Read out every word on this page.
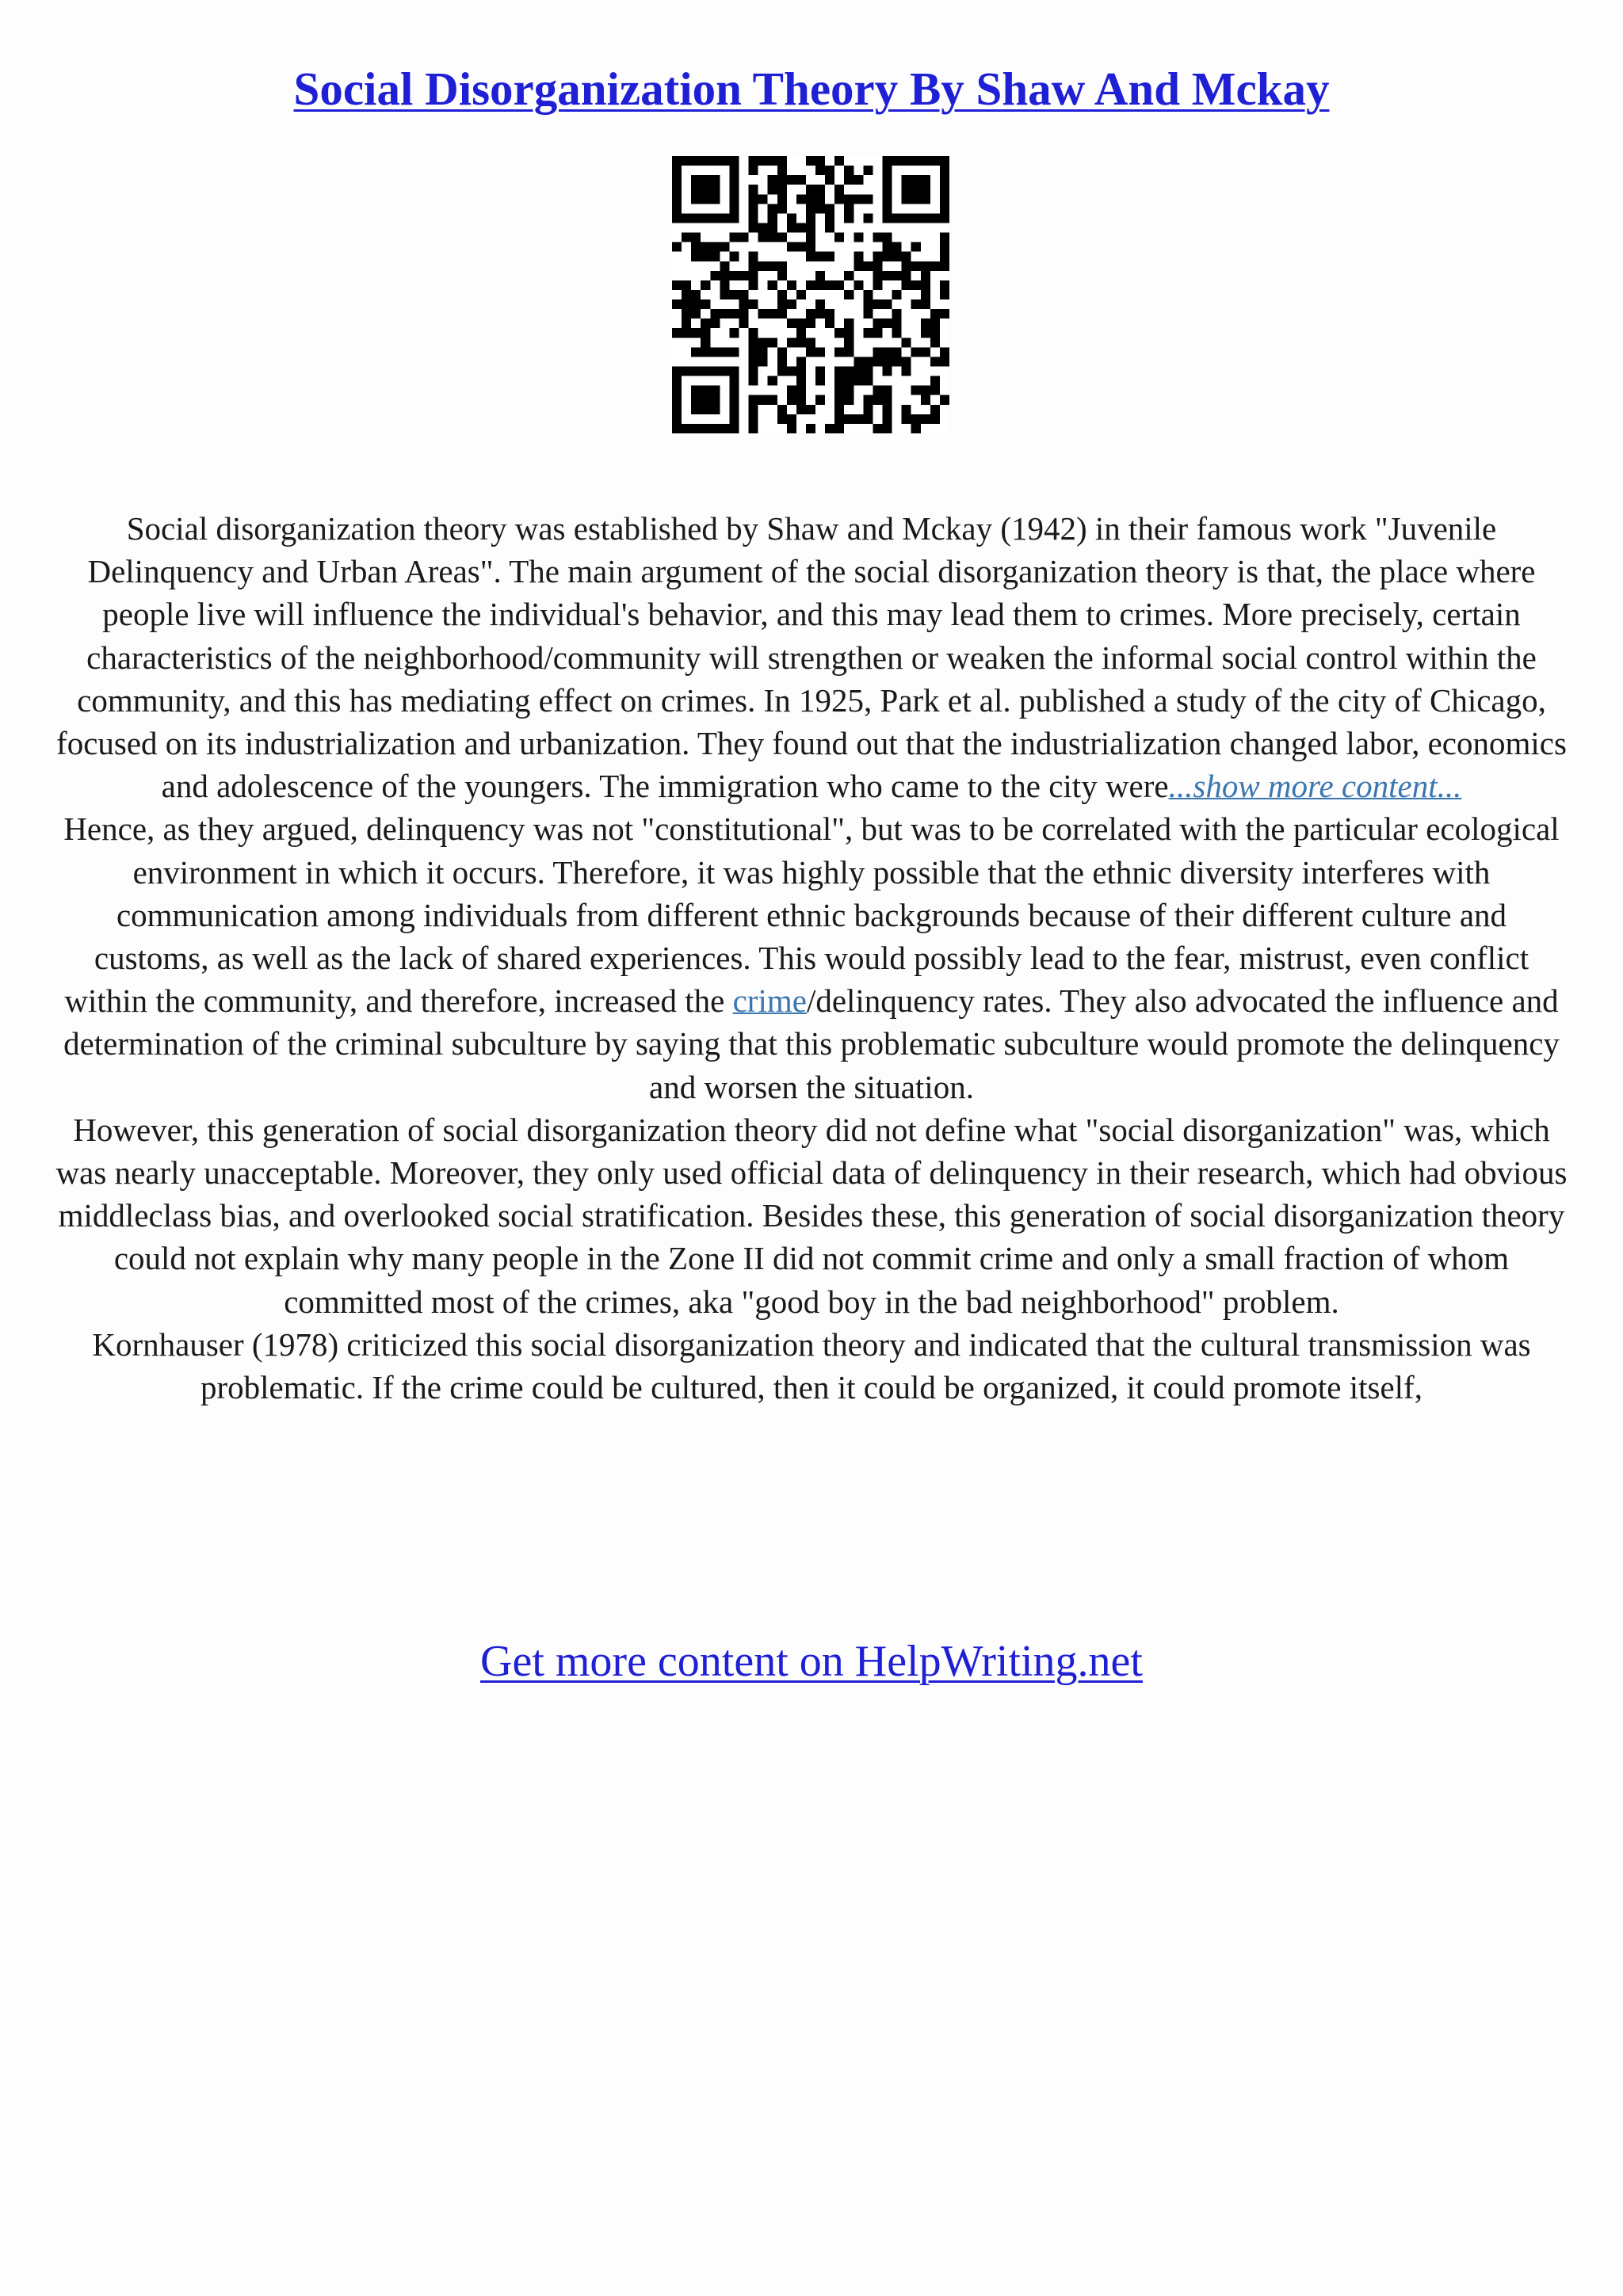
Social Disorganization Theory By Shaw And Mckay

Social disorganization theory was established by Shaw and Mckay (1942) in their famous work "Juvenile Delinquency and Urban Areas". The main argument of the social disorganization theory is that, the place where people live will influence the individual's behavior, and this may lead them to crimes. More precisely, certain characteristics of the neighborhood/community will strengthen or weaken the informal social control within the community, and this has mediating effect on crimes. In 1925, Park et al. published a study of the city of Chicago, focused on its industrialization and urbanization. They found out that the industrialization changed labor, economics and adolescence of the youngers. The immigration who came to the city were...show more content...

Hence, as they argued, delinquency was not "constitutional", but was to be correlated with the particular ecological environment in which it occurs. Therefore, it was highly possible that the ethnic diversity interferes with communication among individuals from different ethnic backgrounds because of their different culture and customs, as well as the lack of shared experiences. This would possibly lead to the fear, mistrust, even conflict within the community, and therefore, increased the crime/delinquency rates. They also advocated the influence and determination of the criminal subculture by saying that this problematic subculture would promote the delinquency and worsen the situation.

However, this generation of social disorganization theory did not define what "social disorganization" was, which was nearly unacceptable. Moreover, they only used official data of delinquency in their research, which had obvious middleclass bias, and overlooked social stratification. Besides these, this generation of social disorganization theory could not explain why many people in the Zone II did not commit crime and only a small fraction of whom committed most of the crimes, aka "good boy in the bad neighborhood" problem.

Kornhauser (1978) criticized this social disorganization theory and indicated that the cultural transmission was problematic. If the crime could be cultured, then it could be organized, it could promote itself,

Get more content on HelpWriting.net
